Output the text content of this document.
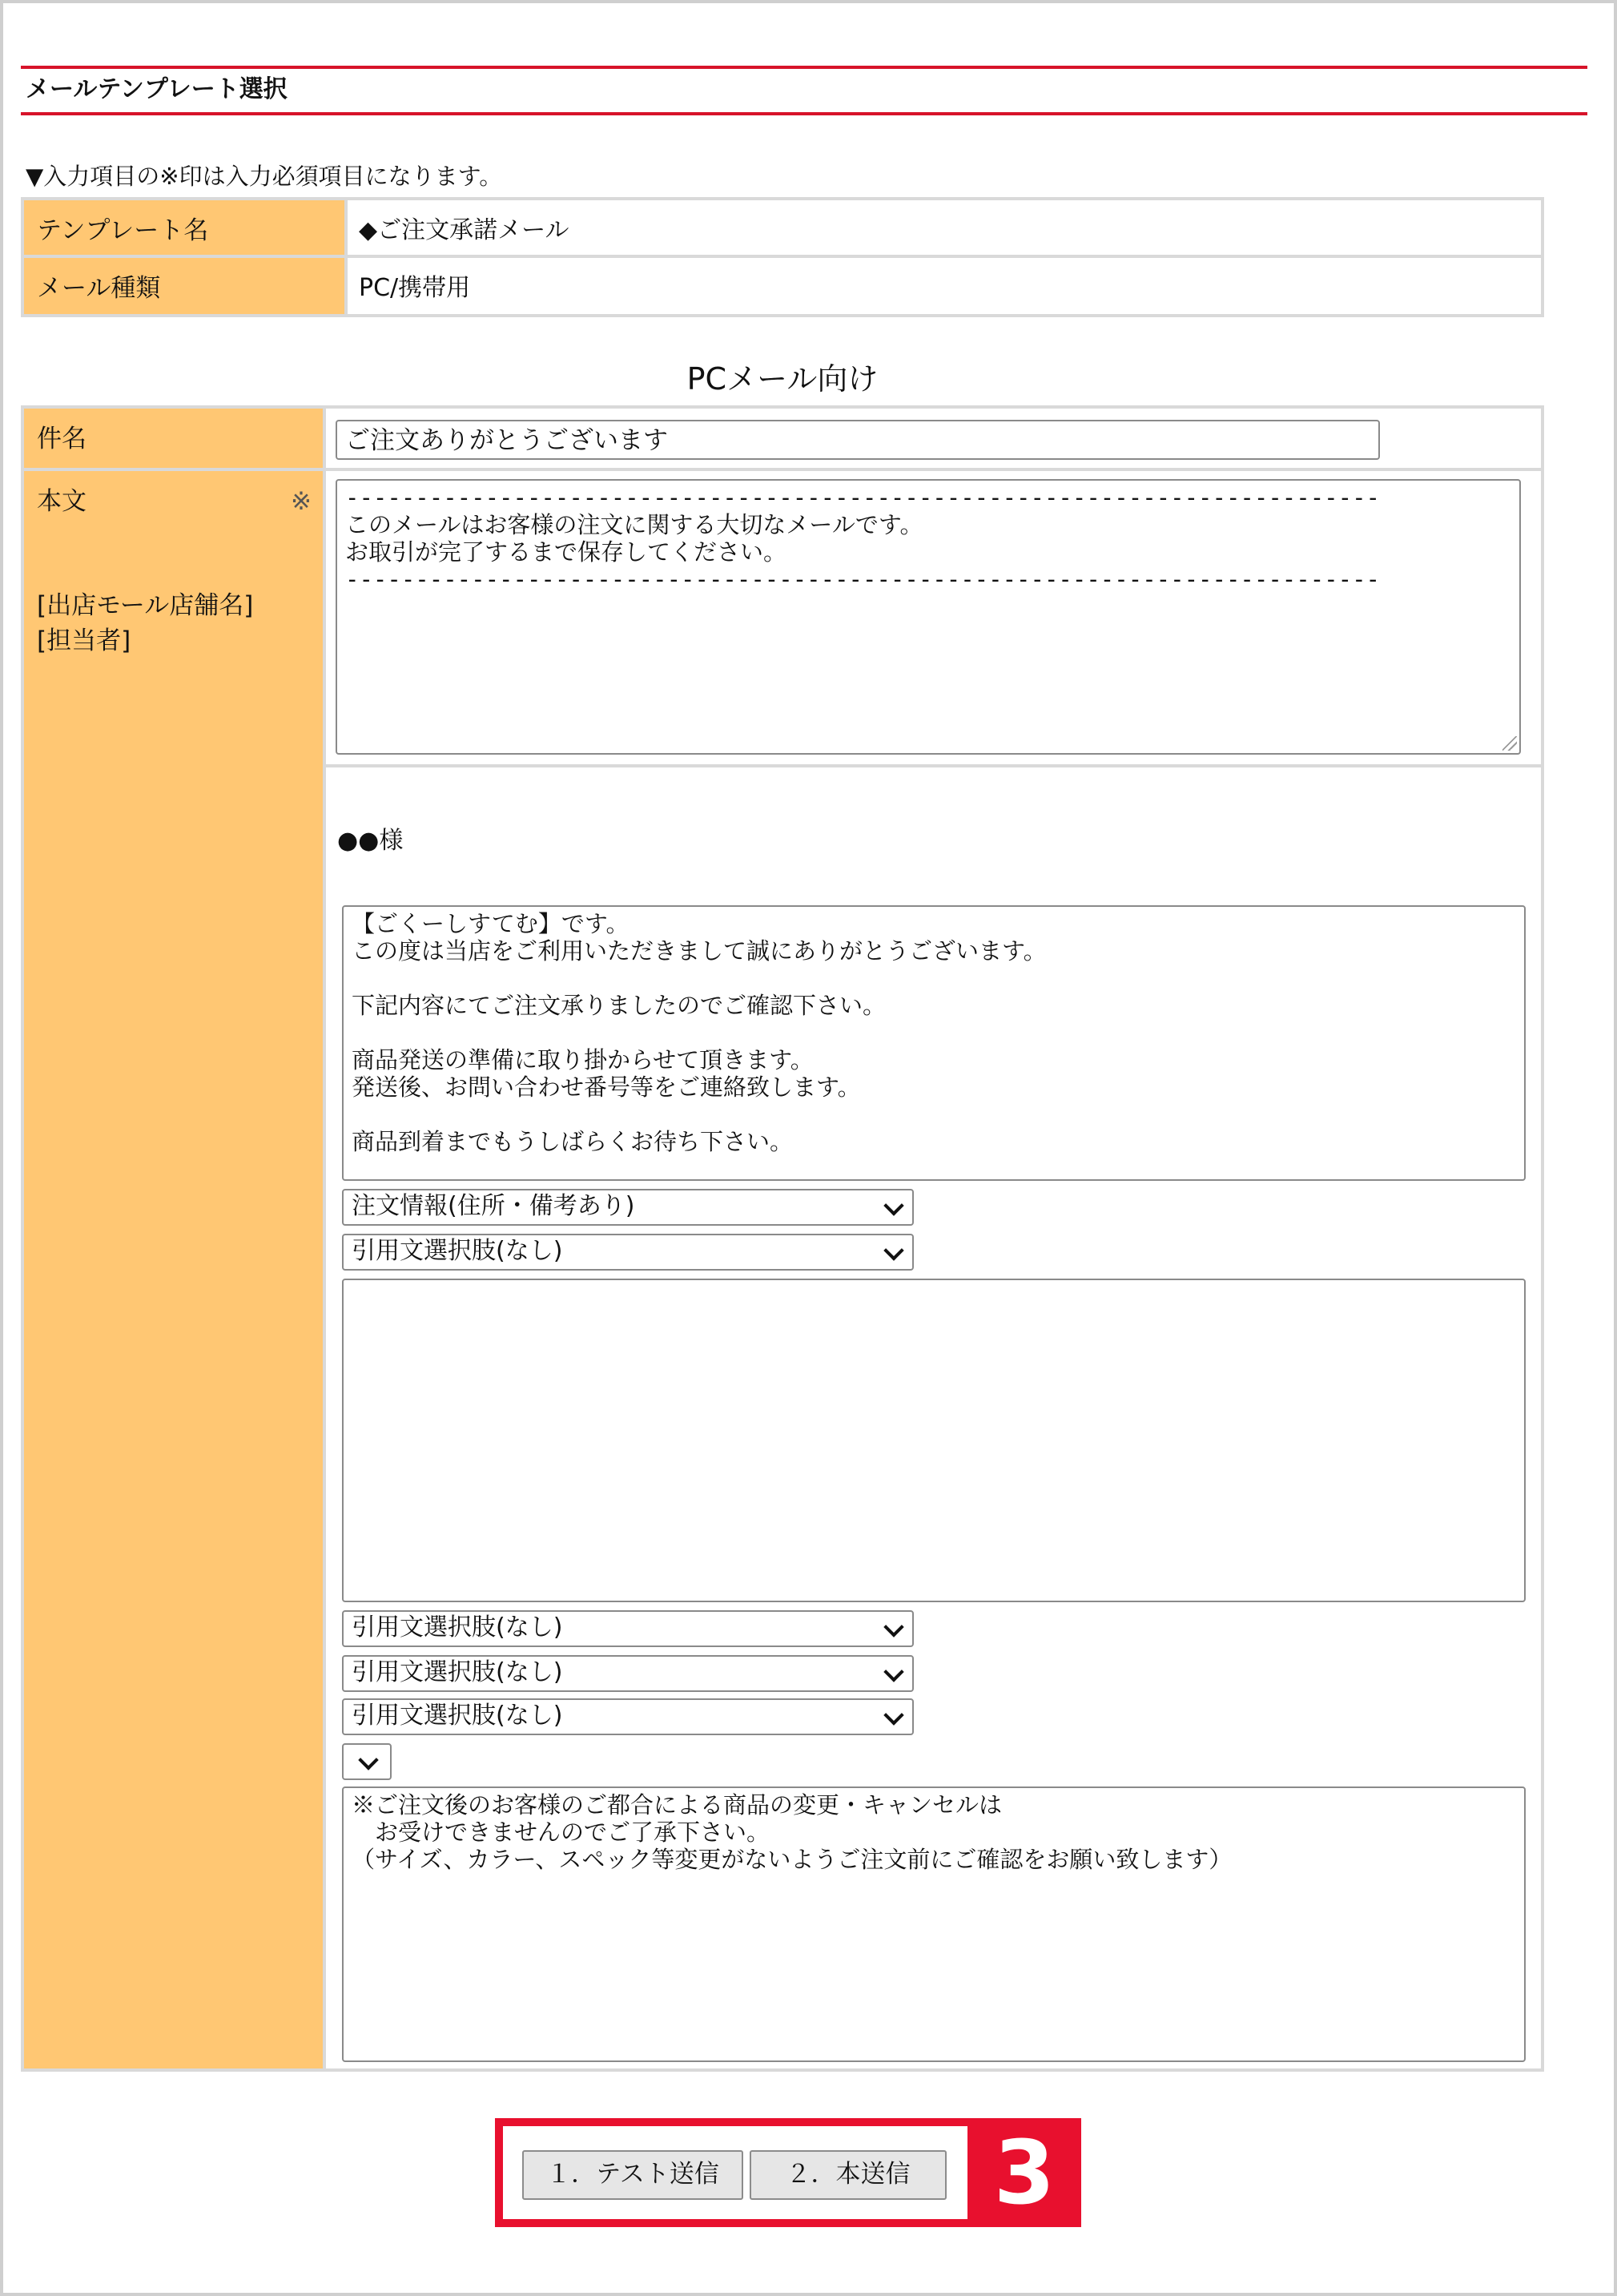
メールテンプレート選択
▼入力項目の※印は入力必須項目になります。
テンプレート名	◆ご注文承諾メール
メール種類	PC/携帯用
PCメール向け
件名	ご注文ありがとうございます
本文	※
[出店モール店舗名]
[担当者]
--------------------------------------------------------------------------
このメールはお客様の注文に関する大切なメールです。
お取引が完了するまで保存してください。
--------------------------------------------------------------------------
●●様
【ごくーしすてむ】です。
この度は当店をご利用いただきまして誠にありがとうございます。

下記内容にてご注文承りましたのでご確認下さい。

商品発送の準備に取り掛からせて頂きます。
発送後、お問い合わせ番号等をご連絡致します。

商品到着までもうしばらくお待ち下さい。
注文情報(住所・備考あり)
引用文選択肢(なし)
引用文選択肢(なし)
引用文選択肢(なし)
引用文選択肢(なし)
※ご注文後のお客様のご都合による商品の変更・キャンセルは
　お受けできませんのでご了承下さい。
（サイズ、カラー、スペック等変更がないようご注文前にご確認をお願い致します）
１．テスト送信	２．本送信 3
